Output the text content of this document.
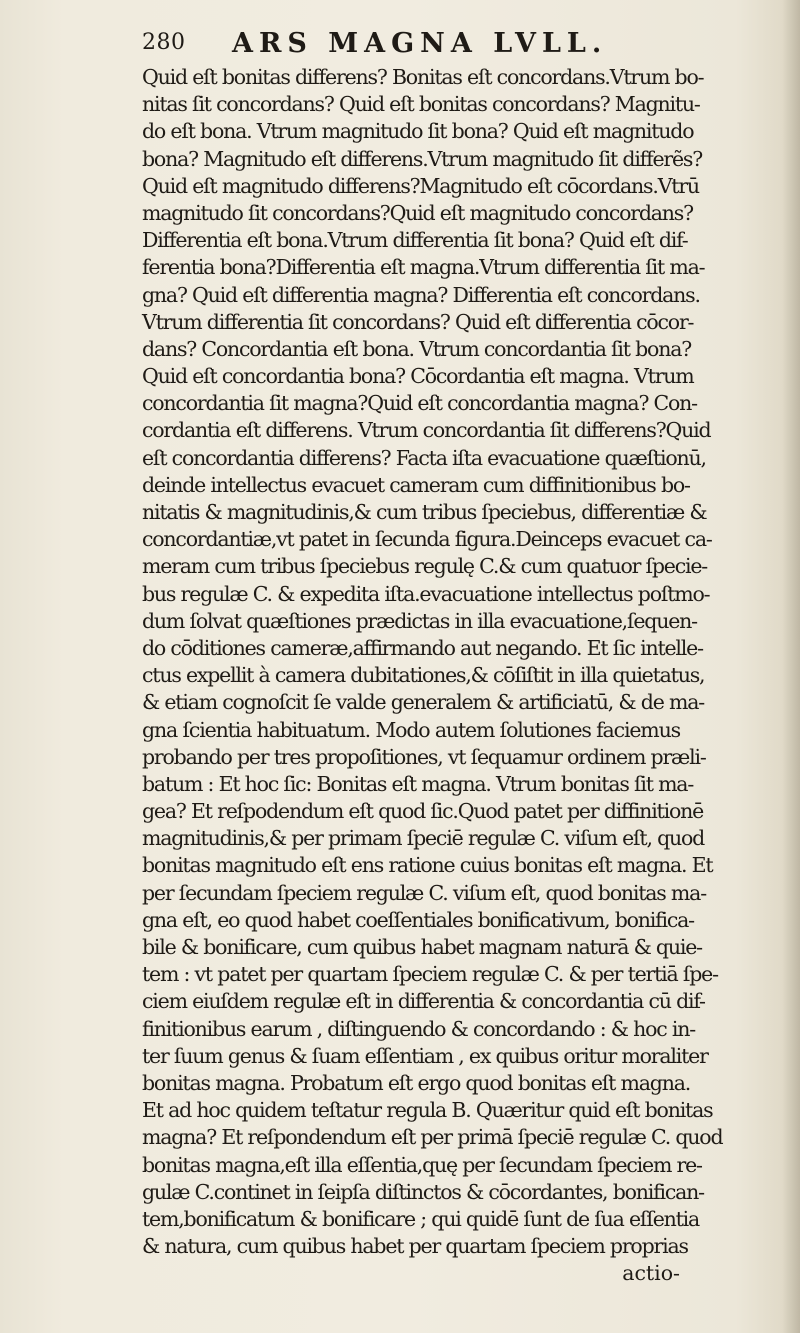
280 ARS MAGNA LVLL.
Quid eſt bonitas differens? Bonitas eſt concordans.Vtrum bo-
nitas ſit concordans? Quid eſt bonitas concordans? Magnitu-
do eſt bona. Vtrum magnitudo ſit bona? Quid eſt magnitudo
bona? Magnitudo eſt differens.Vtrum magnitudo ſit differẽs?
Quid eſt magnitudo differens?Magnitudo eſt cōcordans.Vtrū
magnitudo ſit concordans?Quid eſt magnitudo concordans?
Differentia eſt bona.Vtrum differentia ſit bona? Quid eſt dif-
ferentia bona?Differentia eſt magna.Vtrum differentia ſit ma-
gna? Quid eſt differentia magna? Differentia eſt concordans.
Vtrum differentia ſit concordans? Quid eſt differentia cōcor-
dans? Concordantia eſt bona. Vtrum concordantia ſit bona?
Quid eſt concordantia bona? Cōcordantia eſt magna. Vtrum
concordantia ſit magna?Quid eſt concordantia magna? Con-
cordantia eſt differens. Vtrum concordantia ſit differens?Quid
eſt concordantia differens? Facta iſta evacuatione quæſtionū,
deinde intellectus evacuet cameram cum diffinitionibus bo-
nitatis & magnitudinis,& cum tribus ſpeciebus, differentiæ &
concordantiæ,vt patet in ſecunda figura.Deinceps evacuet ca-
meram cum tribus ſpeciebus regulę C.& cum quatuor ſpecie-
bus regulæ C. & expedita iſta.evacuatione intellectus poſtmo-
dum ſolvat quæſtiones prædictas in illa evacuatione,ſequen-
do cōditiones cameræ,affirmando aut negando. Et ſic intelle-
ctus expellit à camera dubitationes,& cōſiſtit in illa quietatus,
& etiam cognoſcit ſe valde generalem & artificiatū, & de ma-
gna ſcientia habituatum. Modo autem ſolutiones faciemus
probando per tres propoſitiones, vt ſequamur ordinem præli-
batum : Et hoc ſic: Bonitas eſt magna. Vtrum bonitas ſit ma-
gea? Et reſpodendum eſt quod ſic.Quod patet per diffinitionē
magnitudinis,& per primam ſpeciē regulæ C. viſum eſt, quod
bonitas magnitudo eſt ens ratione cuius bonitas eſt magna. Et
per ſecundam ſpeciem regulæ C. viſum eſt, quod bonitas ma-
gna eſt, eo quod habet coeſſentiales bonificativum, bonifica-
bile & bonificare, cum quibus habet magnam naturā & quie-
tem : vt patet per quartam ſpeciem regulæ C. & per tertiā ſpe-
ciem eiuſdem regulæ eſt in differentia & concordantia cū dif-
finitionibus earum , diſtinguendo & concordando : & hoc in-
ter ſuum genus & ſuam eſſentiam , ex quibus oritur moraliter
bonitas magna. Probatum eſt ergo quod bonitas eſt magna.
Et ad hoc quidem teſtatur regula B. Quæritur quid eſt bonitas
magna? Et reſpondendum eſt per primā ſpeciē regulæ C. quod
bonitas magna,eſt illa eſſentia,quę per ſecundam ſpeciem re-
gulæ C.continet in ſeipſa diſtinctos & cōcordantes, bonifican-
tem,bonificatum & bonificare ; qui quidē ſunt de ſua eſſentia
& natura, cum quibus habet per quartam ſpeciem proprias
actio-
